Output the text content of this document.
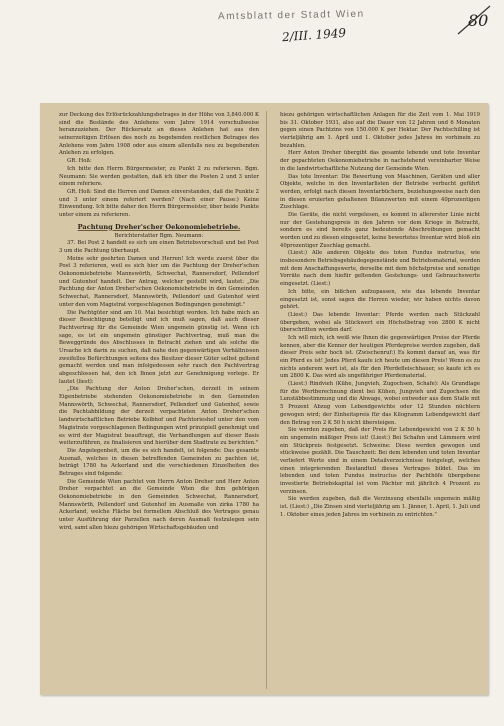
Amtsblatt der Stadt Wien
2/III. 1949
80

zur Deckung des Erlösrückzahlungsbetrages in der Höhe von 3,840.000 K sind die Bestände des Anlehens vom Jahre 1914 vorschußweise heranzuziehen. Der Rückersatz an dieses Anlehen hat aus den seinerzeitigen Erlösen des noch zu begebenden restlichen Betrages des Anlehens vom Jahre 1908 oder aus einem allenfalls neu zu begebenden Anlehen zu erfolgen.

GR. Hoß:

Ich bitte den Herrn Bürgermeister, zu Punkt 2 zu referieren. Bgm. Neumann: Sie werden gestatten, daß ich über die Posten 2 und 3 unter einem referiere.

GR. Hoß: Sind die Herren und Damen einverstanden, daß die Punkte 2 und 3 unter einem referiert werden? (Nach einer Pause:) Keine Einwendung. Ich bitte daher den Herrn Bürgermeister, über beide Punkte unter einem zu referieren.

Pachtung Dreher'scher Oekonomiebetriebe.
Berichterstatter Bgm. Neumann:

37. Bei Post 2 handelt es sich um einen Betriebsvorschuß und bei Post 3 um die Pachtung überhaupt.

Meine sehr geehrten Damen und Herren! Ich werde zuerst über die Post 3 referieren, weil es sich hier um die Pachtung der Dreher'schen Oekonomiebetriebe Mannswörth, Schwechat, Rannersdorf, Pellendorf und Gutenhof handelt. Der Antrag, welcher gestellt wird, lautet: „Die Pachtung der Anton Dreher'schen Oekonomiebetriebe in den Gemeinden Schwechat, Rannersdorf, Mannswörth, Pellendorf und Gutenhof wird unter den vom Magistrat vorgeschlagenen Bedingungen genehmigt."

Die Pachtgüter sind am 10. Mai besichtigt worden. Ich habe mich an dieser Besichtigung beteiligt und ich muß sagen, daß auch dieser Pachtvertrag für die Gemeinde Wien ungemein günstig ist. Wenn ich sage, es ist ein ungemein günstiger Pachtvertrag, muß man die Beweggründe des Abschlusses in Betracht ziehen und als solche die Ursache ich darin zu suchen, daß nahe den gegenwärtigen Verhältnissen zweifellos Befürchtungen seitens des Besitzer dieser Güter selbst geltend gemacht werden und man infolgedessen sehr rasch den Pachtvertrag abgeschlossen hat, den ich Ihnen jetzt zur Genehmigung vorlege. Er lautet (liest):

„Die Pachtung der Anton Dreher'schen, derzeit in seinem Eigenbetriebe stehenden Oekonomiebetriebe in den Gemeinden Mannswörth, Schwechat, Rannersdorf, Pellendorf und Gutenhof, sowie die Pachtabbildung der derzeit verpachteten Anton Dreher'schen landwirtschaftlichen Betriebe Kolbhof und Pachtorieshof unter den vom Magistrate vorgeschlagenen Bedingungen wird prinzipiell genehmigt und es wird der Magistrat beauftragt, die Verhandlungen auf dieser Basis weiterzuführen, zu finalisieren und hierüber dem Stadtrate zu berichten."

Die Angelegenheit, um die es sich handelt, ist folgende: Das gesamte Ausmaß, welches in diesen betreffenden Gemeinden zu pachten ist, beträgt 1780 ha Ackerland und die verschiedenen Einzelheiten des Betrages sind folgende:

Die Gemeinde Wien pachtet von Herrn Anton Dreher und Herr Anton Dreher verpachtet an die Gemeinde Wien die ihm gehörigen Oekonomiebetriebe in den Gemeinden Schwechat, Rannersdorf, Mannswörth, Pellendorf und Gutenhof im Ausmaße von zirka 1780 ha Ackerland, welche Fläche bei formellem Abschluß des Vertrages genau unter Ausführung der Parzellen nach deren Ausmaß festzulegen sein wird, samt allen hiezu gehörigen Wirtschaftsgebäuden und

hiezu gehörigen wirtschaftlichen Anlagen für die Zeit vom 1. Mai 1919 bis 31. Oktober 1931, also auf die Dauer von 12 Jahren und 6 Monaten gegen einen Pachtzins von 150.000 K per Hektar. Der Pachtschilling ist vierteljährig am 1. April und 1. Oktober jedes Jahres im vorhinein zu bezahlen.

Herr Anton Dreher übergibt das gesamte lebende und tote Inventar der gepachteten Oekonomiebetriebe in nachstehend vereinbarter Weise in die landwirtschaftliche Nutzung der Gemeinde Wien.

Das tote Inventar: Die Bewertung von Maschinen, Geräten und aller Objekte, welche in den Inventarlisten der Betriebe verbucht geführt werden, erfolgt nach diesen Inventarbüchern, beziehungsweise nach den in diesen eruierten gehaltenen Bilanzwerten mit einem 40prozentigen Zuschlage.

Die Geräte, die nicht vorgelesen, es kommt in allererster Linie nicht nur der Gestehungspreis in den Jahren vor dem Kriege in Betracht, sondern es sind bereits ganz bedeutende Abschreibungen gemacht worden und zu diesen eingesetzt, keine bewertetes Inventar wird bloß ein 40prozentiger Zuschlag gemacht.

(Liest:) Alle anderen Objekte des toten Fundus instructus, wie insbesondere Betriebsgebäudegegenstände und Betriebsmaterial, werden mit dem Anschaffungswerte, derselbe mit dem höchstpreise und sonstige Vorräte nach dem hiefür geltenden Gestehungs- und Gebrauchswerte eingesetzt. (Liest:)

Ich bitte, ein bißchen aufzupassen, wie das lebende Inventar eingesetzt ist, sonst sagen die Herren wieder, wir haben nichts davon gehört.

(Liest:) Das lebende Inventar: Pferde werden nach Stückzahl übergeben, wobei als Stückwert ein Höchstbetrag von 2800 K nicht überschritten werden darf.

Ich will mich, ich weiß wie Ihnen die gegenwärtigen Preise der Pferde kennen, aber die Kenner der heutigen Pferdepreise werden zugeben, daß dieser Preis sehr hoch ist. (Zwischenruf:) Es kommt darauf an, was für ein Pferd es ist! Jedes Pferd kaufe ich heute um diesen Preis! Wenn es zu nichts anderem wert ist, als für den Pferdefleischhauer, so kaufe ich es um 2800 K. Das wird als ungefähriger Pferdematerial.

(Liest:) Rindvieh (Kühe, Jungvieh, Zugochsen, Schafe): Als Grundlage für die Wertberechnung dient bei Kühen, Jungvieh und Zugochsen die Lunstäbbestimmung und die Abwage, wobei entweder aus dem Stalle mit 5 Prozent Abzug vom Lebendgewichte oder 12 Stunden nüchtern gewogen wird; der Einheitspreis für das Kilogramm Lebendgewicht darf den Betrag von 2 K 50 h nicht übersteigen.

Sie werden zugeben, daß der Preis für Lebendgewicht von 2 K 50 h ein ungemein mäßiger Preis ist! (Liest:) Bei Schafen und Lämmern wird ein Stückpreis festgesetzt. Schweine: Diese werden gewogen und stückweise gezählt. Die Tauschzeit: Bei dem lebenden und toten Inventar verliefert Werte sind in einem Detailverzeichnisse festgelegt, welches einen integrierenden Bestandteil dieses Vertrages bildet. Das im lebenden und toten Fundus instructus der Pachthöfe übergebene investierte Betriebskapital ist vom Pächter mit jährlich 4 Prozent zu verzinsen.

Sie werden zugeben, daß die Verzinsung ebenfalls ungemein mäßig ist. (Liest:) „Die Zinsen sind vierteljährig am 1. Jänner, 1. April, 1. Juli und 1. Oktober eines jeden Jahres im vorhinein zu entrichten."
